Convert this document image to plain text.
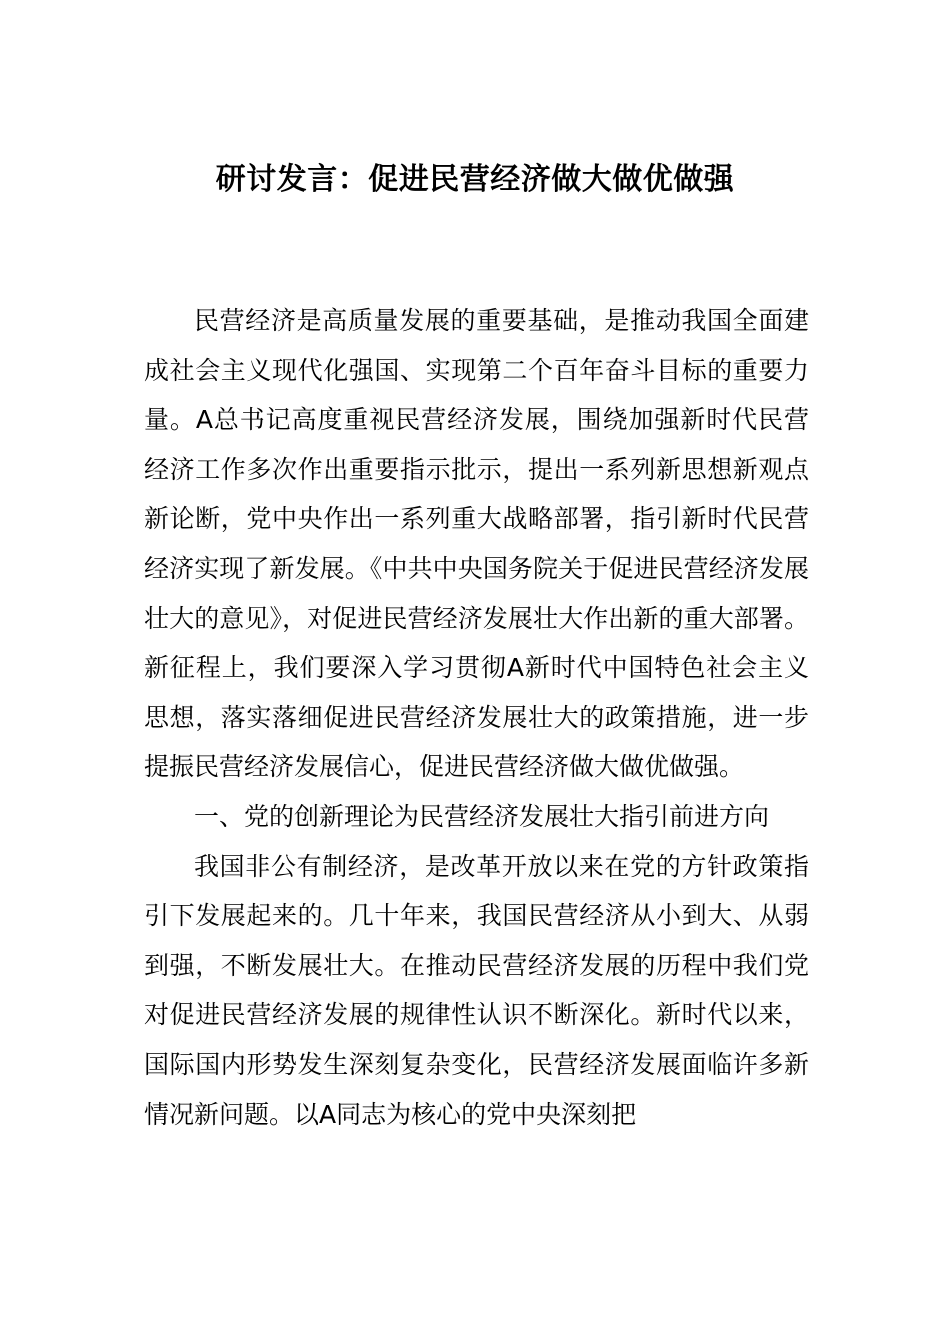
研讨发言：促进民营经济做大做优做强

民营经济是高质量发展的重要基础，是推动我国全面建成社会主义现代化强国、实现第二个百年奋斗目标的重要力量。A总书记高度重视民营经济发展，围绕加强新时代民营经济工作多次作出重要指示批示，提出一系列新思想新观点新论断，党中央作出一系列重大战略部署，指引新时代民营经济实现了新发展。《中共中央国务院关于促进民营经济发展壮大的意见》，对促进民营经济发展壮大作出新的重大部署。新征程上，我们要深入学习贯彻A新时代中国特色社会主义思想，落实落细促进民营经济发展壮大的政策措施，进一步提振民营经济发展信心，促进民营经济做大做优做强。

一、党的创新理论为民营经济发展壮大指引前进方向

我国非公有制经济，是改革开放以来在党的方针政策指引下发展起来的。几十年来，我国民营经济从小到大、从弱到强，不断发展壮大。在推动民营经济发展的历程中我们党对促进民营经济发展的规律性认识不断深化。新时代以来，国际国内形势发生深刻复杂变化，民营经济发展面临许多新情况新问题。以A同志为核心的党中央深刻把
